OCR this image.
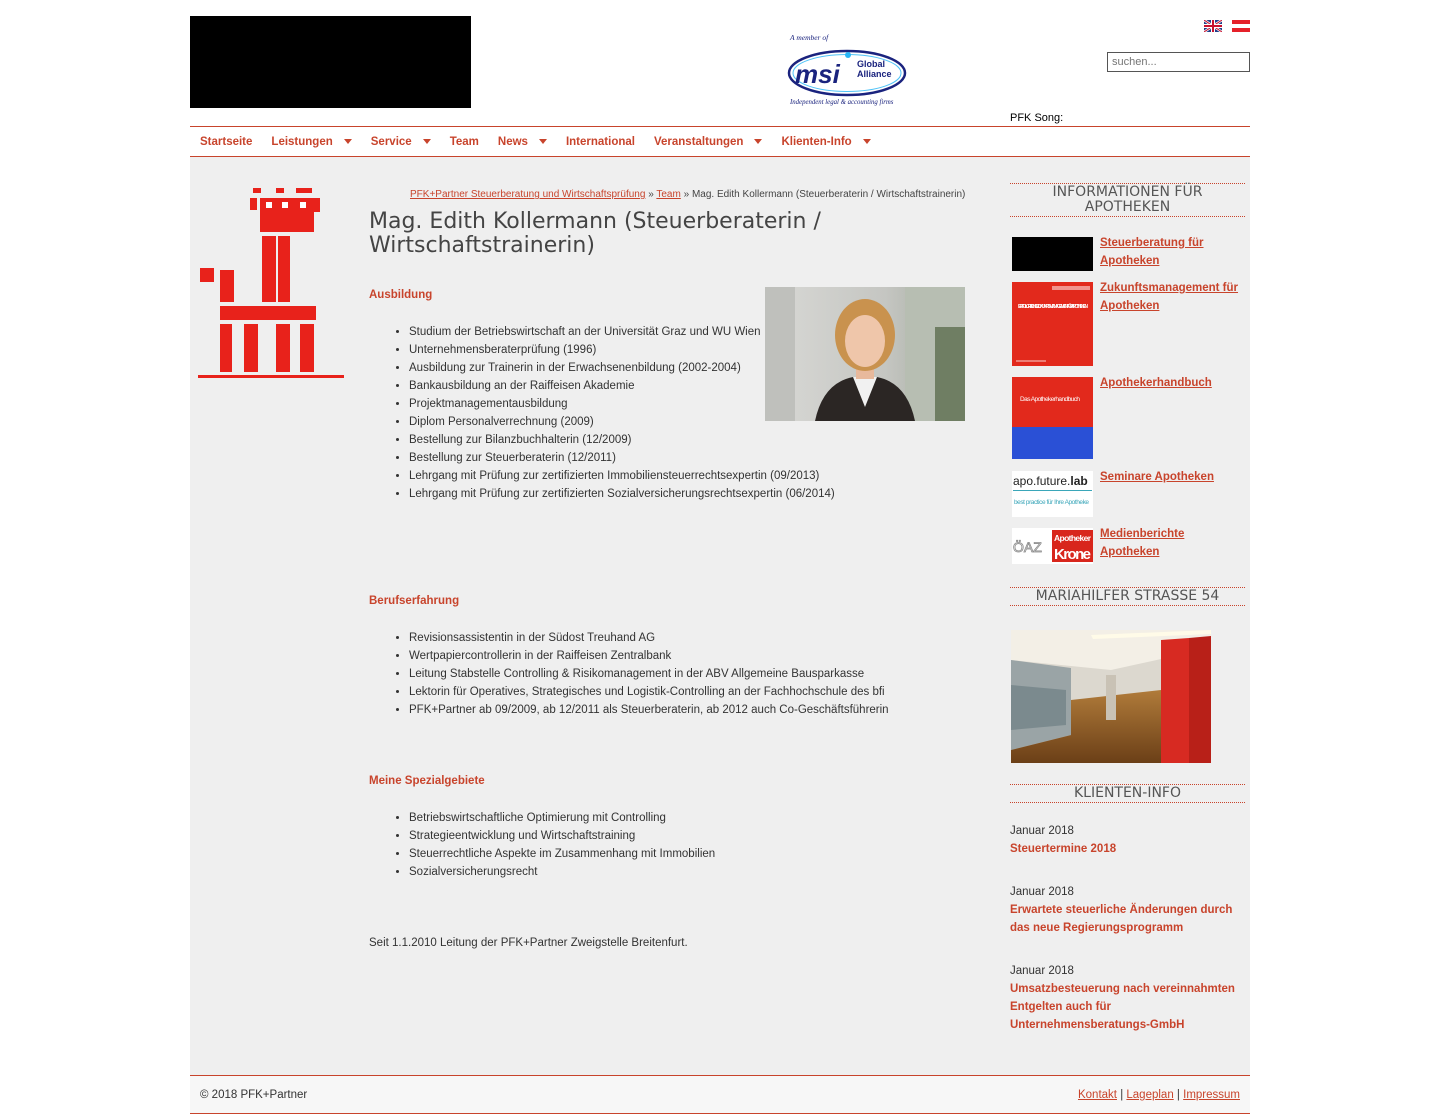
A member of
msi Global
Alliance
Independent legal & accounting firms
suchen...
PFK Song:
Startseite Leistungen	Service	Team News	International Veranstaltungen	Klienten-Info
PFK+Partner Steuerberatung und Wirtschaftsprüfung » Team » Mag. Edith Kollermann (Steuerberaterin / Wirtschaftstrainerin)
Mag. Edith Kollermann (Steuerberaterin / Wirtschaftstrainerin)
Ausbildung
• Studium der Betriebswirtschaft an der Universität Graz und WU Wien
• Unternehmensberaterprüfung (1996)
• Ausbildung zur Trainerin in der Erwachsenenbildung (2002-2004)
• Bankausbildung an der Raiffeisen Akademie
• Projektmanagementausbildung
• Diplom Personalverrechnung (2009)
• Bestellung zur Bilanzbuchhalterin (12/2009)
• Bestellung zur Steuerberaterin (12/2011)
• Lehrgang mit Prüfung zur zertifizierten Immobiliensteuerrechtsexpertin (09/2013)
• Lehrgang mit Prüfung zur zertifizierten Sozialversicherungsrechtsexpertin (06/2014)
Berufserfahrung
• Revisionsassistentin in der Südost Treuhand AG
• Wertpapiercontrollerin in der Raiffeisen Zentralbank
• Leitung Stabstelle Controlling & Risikomanagement in der ABV Allgemeine Bausparkasse
• Lektorin für Operatives, Strategisches und Logistik-Controlling an der Fachhochschule des bfi
• PFK+Partner ab 09/2009, ab 12/2011 als Steuerberaterin, ab 2012 auch Co-Geschäftsführerin
Meine Spezialgebiete
• Betriebswirtschaftliche Optimierung mit Controlling
• Strategieentwicklung und Wirtschaftstraining
• Steuerrechtliche Aspekte im Zusammenhang mit Immobilien
• Sozialversicherungsrecht

Seit 1.1.2010 Leitung der PFK+Partner Zweigstelle Breitenfurt.

INFORMATIONEN FÜR APOTHEKEN
Steuerberatung für Apotheken
ERFOLGREICHES ZUKUNFTSMANAGEMENT FÜR APOTHEKEN
Zukunftsmanagement für Apotheken
Das Apothekerhandbuch
Apothekerhandbuch
apo.future.lab
best practice für Ihre Apotheke
Seminare Apotheken
ÖAZ
Apotheker
Krone
Medienberichte Apotheken
MARIAHILFER STRASSE 54
KLIENTEN-INFO
Januar 2018
Steuertermine 2018
Januar 2018
Erwartete steuerliche Änderungen durch das neue Regierungsprogramm
Januar 2018
Umsatzbesteuerung nach vereinnahmten Entgelten auch für Unternehmensberatungs-GmbH
© 2018 PFK+Partner	Kontakt | Lageplan | Impressum
